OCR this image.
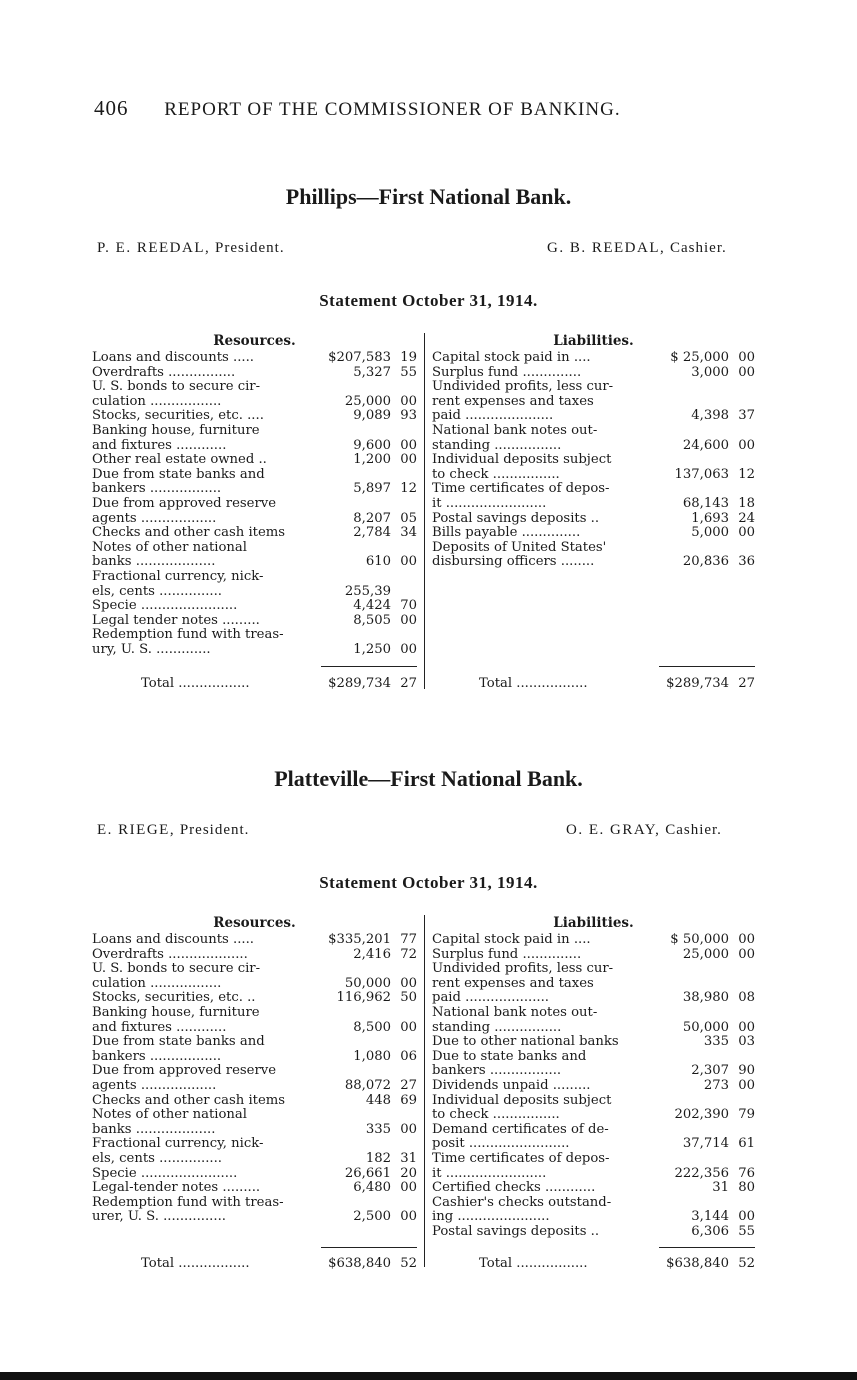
406 REPORT OF THE COMMISSIONER OF BANKING.
Phillips—First National Bank.
P. E. REEDAL, President.	G. B. REEDAL, Cashier.
Statement October 31, 1914.
Resources.
Loans and discounts .....	$207,583 19
Overdrafts ................	5,327 55
U. S. bonds to secure cir-
culation .................	25,000 00
Stocks, securities, etc. ....	9,089 93
Banking house, furniture
and fixtures ............	9,600 00
Other real estate owned ..	1,200 00
Due from state banks and
bankers .................	5,897 12
Due from approved reserve
agents ..................	8,207 05
Checks and other cash items	2,784 34
Notes of other national
banks ...................	610 00
Fractional currency, nick-
els, cents ...............	255,39
Specie .......................	4,424 70
Legal tender notes .........	8,505 00
Redemption fund with treas-
ury, U. S. .............	1,250 00
Liabilities.
Capital stock paid in ....	$ 25,000 00
Surplus fund ..............	3,000 00
Undivided profits, less cur-
rent expenses and taxes
paid .....................	4,398 37
National bank notes out-
standing ................	24,600 00
Individual deposits subject
to check ................	137,063 12
Time certificates of depos-
it ........................	68,143 18
Postal savings deposits ..	1,693 24
Bills payable ..............	5,000 00
Deposits of United States'
disbursing officers ........	20,836 36
Total .................	$289,734 27	Total .................	$289,734 27
Platteville—First National Bank.
E. RIEGE, President.	O. E. GRAY, Cashier.
Statement October 31, 1914.
Resources.
Loans and discounts .....	$335,201 77
Overdrafts ...................	2,416 72
U. S. bonds to secure cir-
culation .................	50,000 00
Stocks, securities, etc. ..	116,962 50
Banking house, furniture
and fixtures ............	8,500 00
Due from state banks and
bankers .................	1,080 06
Due from approved reserve
agents ..................	88,072 27
Checks and other cash items	448 69
Notes of other national
banks ...................	335 00
Fractional currency, nick-
els, cents ...............	182 31
Specie .......................	26,661 20
Legal-tender notes .........	6,480 00
Redemption fund with treas-
urer, U. S. ...............	2,500 00
Liabilities.
Capital stock paid in ....	$ 50,000 00
Surplus fund ..............	25,000 00
Undivided profits, less cur-
rent expenses and taxes
paid ....................	38,980 08
National bank notes out-
standing ................	50,000 00
Due to other national banks	335 03
Due to state banks and
bankers .................	2,307 90
Dividends unpaid .........	273 00
Individual deposits subject
to check ................	202,390 79
Demand certificates of de-
posit ........................	37,714 61
Time certificates of depos-
it ........................	222,356 76
Certified checks ............	31 80
Cashier's checks outstand-
ing ......................	3,144 00
Postal savings deposits ..	6,306 55
Total .................	$638,840 52	Total .................	$638,840 52
